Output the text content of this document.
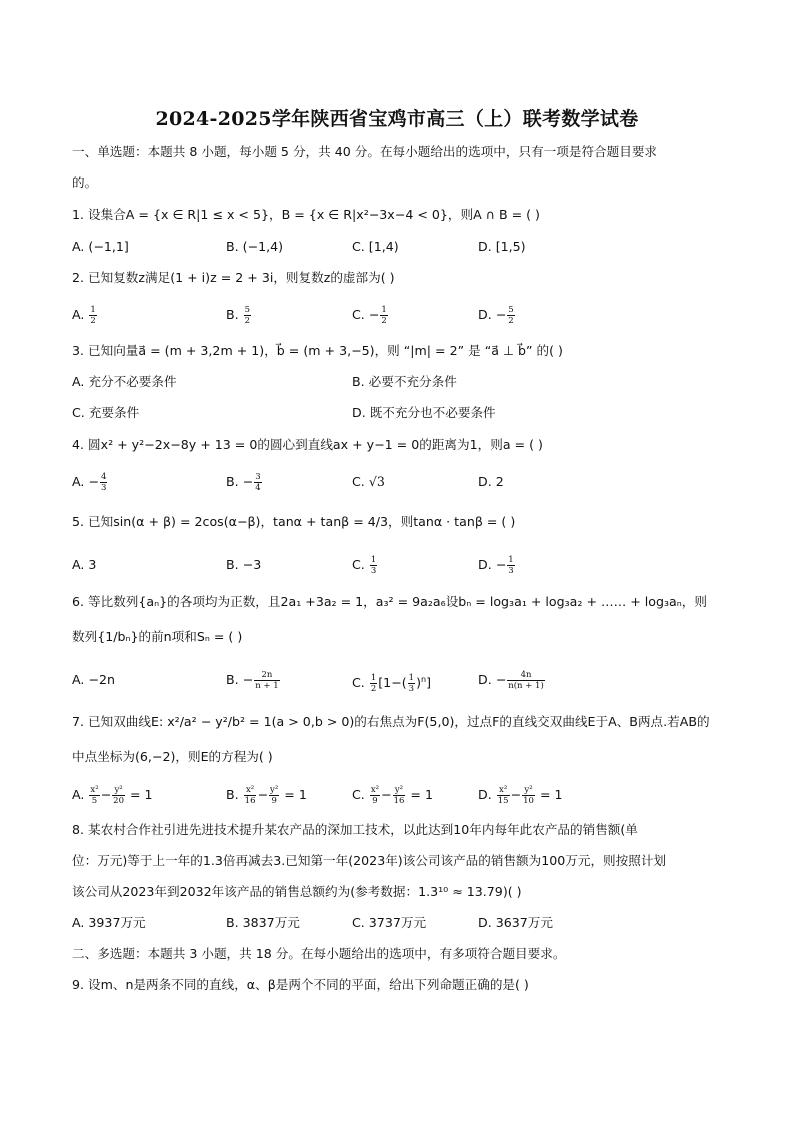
2024-2025学年陕西省宝鸡市高三（上）联考数学试卷
一、单选题：本题共 8 小题，每小题 5 分，共 40 分。在每小题给出的选项中，只有一项是符合题目要求
的。
1. 设集合A = {x ∈ R|1 ≤ x < 5}，B = {x ∈ R|x²−3x−4 < 0}，则A ∩ B = ( )
A. (−1,1]	B. (−1,4)	C. [1,4)	D. [1,5)
2. 已知复数z满足(1 + i)z = 2 + 3i，则复数z的虚部为( )
A. $\frac{1}{2}$	B. $\frac{5}{2}$	C. − $\frac{1}{2}$	D. − $\frac{5}{2}$
3. 已知向量a⃗ = (m + 3,2m + 1)，b⃗ = (m + 3,−5)，则 “|m| = 2” 是 “a⃗ ⊥ b⃗” 的( )
A. 充分不必要条件	B. 必要不充分条件
C. 充要条件	D. 既不充分也不必要条件
4. 圆x² + y²−2x−8y + 13 = 0的圆心到直线ax + y−1 = 0的距离为1，则a = ( )
A. − $\frac{4}{3}$	B. − $\frac{3}{4}$	C. √3	D. 2
5. 已知sin(α + β) = 2cos(α−β)，tanα + tanβ = 4/3，则tanα · tanβ = ( )
A. 3	B. −3	C. $\frac{1}{3}$	D. − $\frac{1}{3}$
6. 等比数列{aₙ}的各项均为正数，且2a₁ +3a₂ = 1，a₃² = 9a₂a₆设bₙ = log₃a₁ + log₃a₂ + …… + log₃aₙ，则
数列{1/bₙ}的前n项和Sₙ = ( )
A. −2n	B. − $\frac{2n}{n + 1}$	C. $\frac{1}{2} [1-( \frac{1}{3} )^n]$	D. − $\frac{4n}{n(n + 1)}$
7. 已知双曲线E: x²/a² − y²/b² = 1(a > 0,b > 0)的右焦点为F(5,0)，过点F的直线交双曲线E于A、B两点.若AB的
中点坐标为(6,−2)，则E的方程为( )
A. $\frac{\text{x²}}{5} - \frac{\text{y²}}{20} = 1$	B. $\frac{\text{x²}}{16} - \frac{\text{y²}}{9} = 1$	C. $\frac{\text{x²}}{9} - \frac{\text{y²}}{16} = 1$	D. $\frac{\text{x²}}{15} - \frac{\text{y²}}{10} = 1$
8. 某农村合作社引进先进技术提升某农产品的深加工技术，以此达到10年内每年此农产品的销售额(单
位：万元)等于上一年的1.3倍再减去3.已知第一年(2023年)该公司该产品的销售额为100万元，则按照计划
该公司从2023年到2032年该产品的销售总额约为(参考数据：1.3¹⁰ ≈ 13.79)( )
A. 3937万元	B. 3837万元	C. 3737万元	D. 3637万元
二、多选题：本题共 3 小题，共 18 分。在每小题给出的选项中，有多项符合题目要求。
9. 设m、n是两条不同的直线，α、β是两个不同的平面，给出下列命题正确的是( )
